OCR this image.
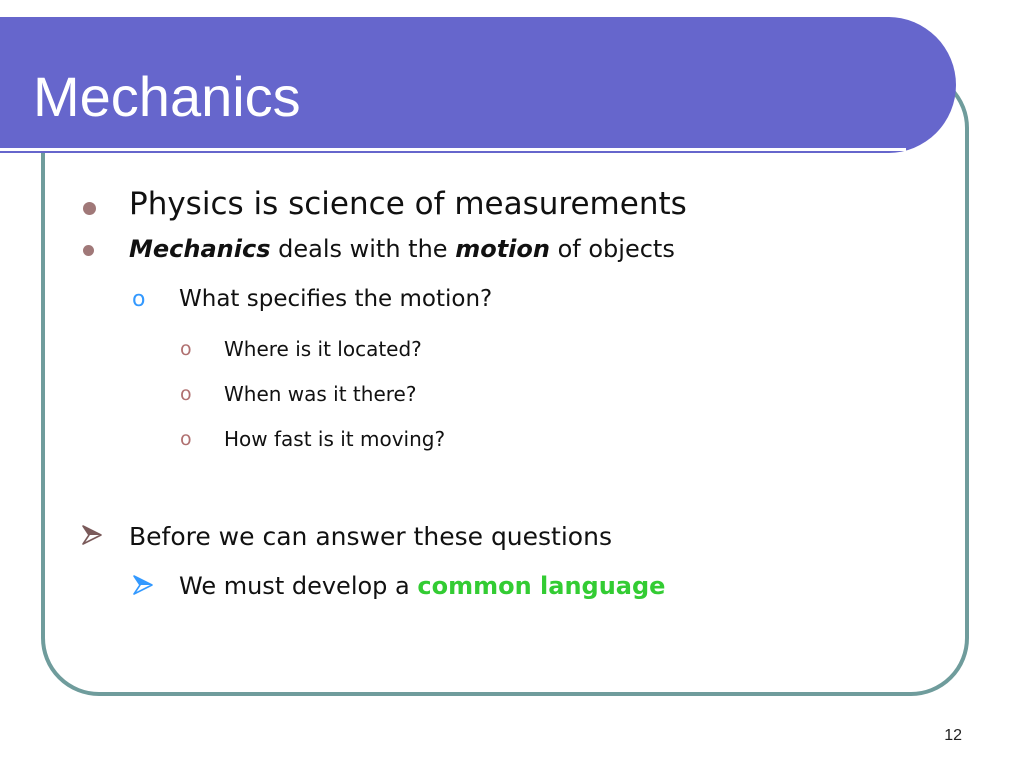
Mechanics
Physics is science of measurements
Mechanics deals with the motion of objects
o What specifies the motion?
o Where is it located?
o When was it there?
o How fast is it moving?
Before we can answer these questions
We must develop a common language
12
